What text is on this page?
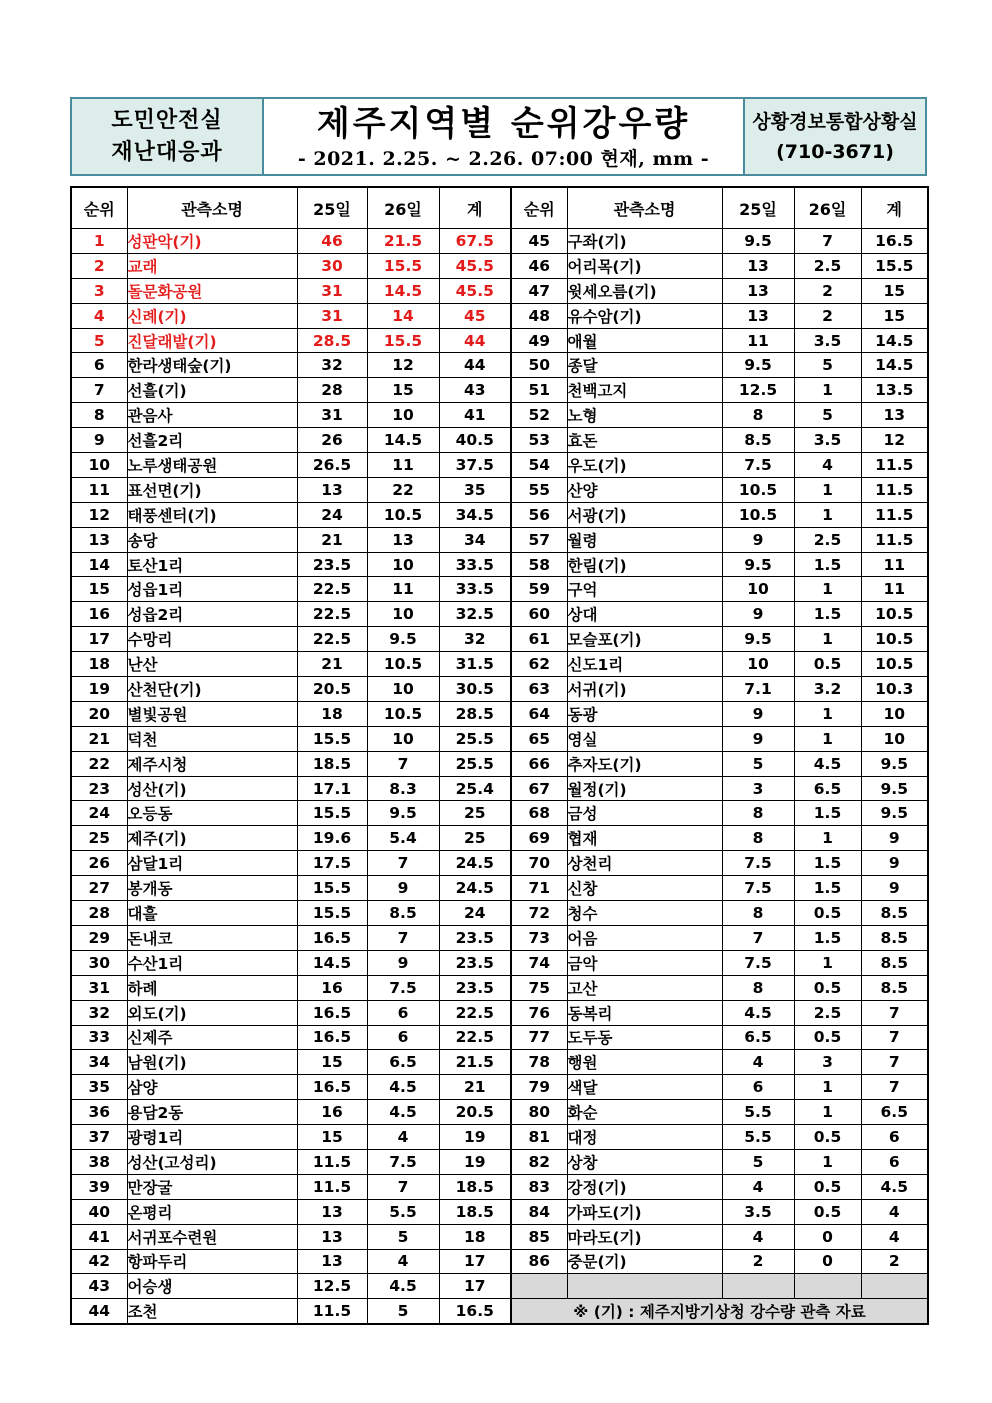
도민안전실
재난대응과
제주지역별 순위강우량
- 2021. 2.25. ~ 2.26. 07:00 현재, mm -
상황경보통합상황실
(710-3671)
순위	관측소명	25일	26일	계	순위	관측소명	25일	26일	계
1	성판악(기)	46	21.5	67.5	45	구좌(기)	9.5	7	16.5
2	교래	30	15.5	45.5	46	어리목(기)	13	2.5	15.5
3	돌문화공원	31	14.5	45.5	47	윗세오름(기)	13	2	15
4	신례(기)	31	14	45	48	유수암(기)	13	2	15
5	진달래밭(기)	28.5	15.5	44	49	애월	11	3.5	14.5
6	한라생태숲(기)	32	12	44	50	종달	9.5	5	14.5
7	선흘(기)	28	15	43	51	천백고지	12.5	1	13.5
8	관음사	31	10	41	52	노형	8	5	13
9	선흘2리	26	14.5	40.5	53	효돈	8.5	3.5	12
10	노루생태공원	26.5	11	37.5	54	우도(기)	7.5	4	11.5
11	표선면(기)	13	22	35	55	산양	10.5	1	11.5
12	태풍센터(기)	24	10.5	34.5	56	서광(기)	10.5	1	11.5
13	송당	21	13	34	57	월령	9	2.5	11.5
14	토산1리	23.5	10	33.5	58	한림(기)	9.5	1.5	11
15	성읍1리	22.5	11	33.5	59	구억	10	1	11
16	성읍2리	22.5	10	32.5	60	상대	9	1.5	10.5
17	수망리	22.5	9.5	32	61	모슬포(기)	9.5	1	10.5
18	난산	21	10.5	31.5	62	신도1리	10	0.5	10.5
19	산천단(기)	20.5	10	30.5	63	서귀(기)	7.1	3.2	10.3
20	별빛공원	18	10.5	28.5	64	동광	9	1	10
21	덕천	15.5	10	25.5	65	영실	9	1	10
22	제주시청	18.5	7	25.5	66	추자도(기)	5	4.5	9.5
23	성산(기)	17.1	8.3	25.4	67	월정(기)	3	6.5	9.5
24	오등동	15.5	9.5	25	68	금성	8	1.5	9.5
25	제주(기)	19.6	5.4	25	69	협재	8	1	9
26	삼달1리	17.5	7	24.5	70	상천리	7.5	1.5	9
27	봉개동	15.5	9	24.5	71	신창	7.5	1.5	9
28	대흘	15.5	8.5	24	72	청수	8	0.5	8.5
29	돈내코	16.5	7	23.5	73	어음	7	1.5	8.5
30	수산1리	14.5	9	23.5	74	금악	7.5	1	8.5
31	하례	16	7.5	23.5	75	고산	8	0.5	8.5
32	외도(기)	16.5	6	22.5	76	동복리	4.5	2.5	7
33	신제주	16.5	6	22.5	77	도두동	6.5	0.5	7
34	남원(기)	15	6.5	21.5	78	행원	4	3	7
35	삼양	16.5	4.5	21	79	색달	6	1	7
36	용담2동	16	4.5	20.5	80	화순	5.5	1	6.5
37	광령1리	15	4	19	81	대정	5.5	0.5	6
38	성산(고성리)	11.5	7.5	19	82	상창	5	1	6
39	만장굴	11.5	7	18.5	83	강정(기)	4	0.5	4.5
40	온평리	13	5.5	18.5	84	가파도(기)	3.5	0.5	4
41	서귀포수련원	13	5	18	85	마라도(기)	4	0	4
42	항파두리	13	4	17	86	중문(기)	2	0	2
43	어승생	12.5	4.5	17					
44	조천	11.5	5	16.5	※ (기) : 제주지방기상청 강수량 관측 자료				
